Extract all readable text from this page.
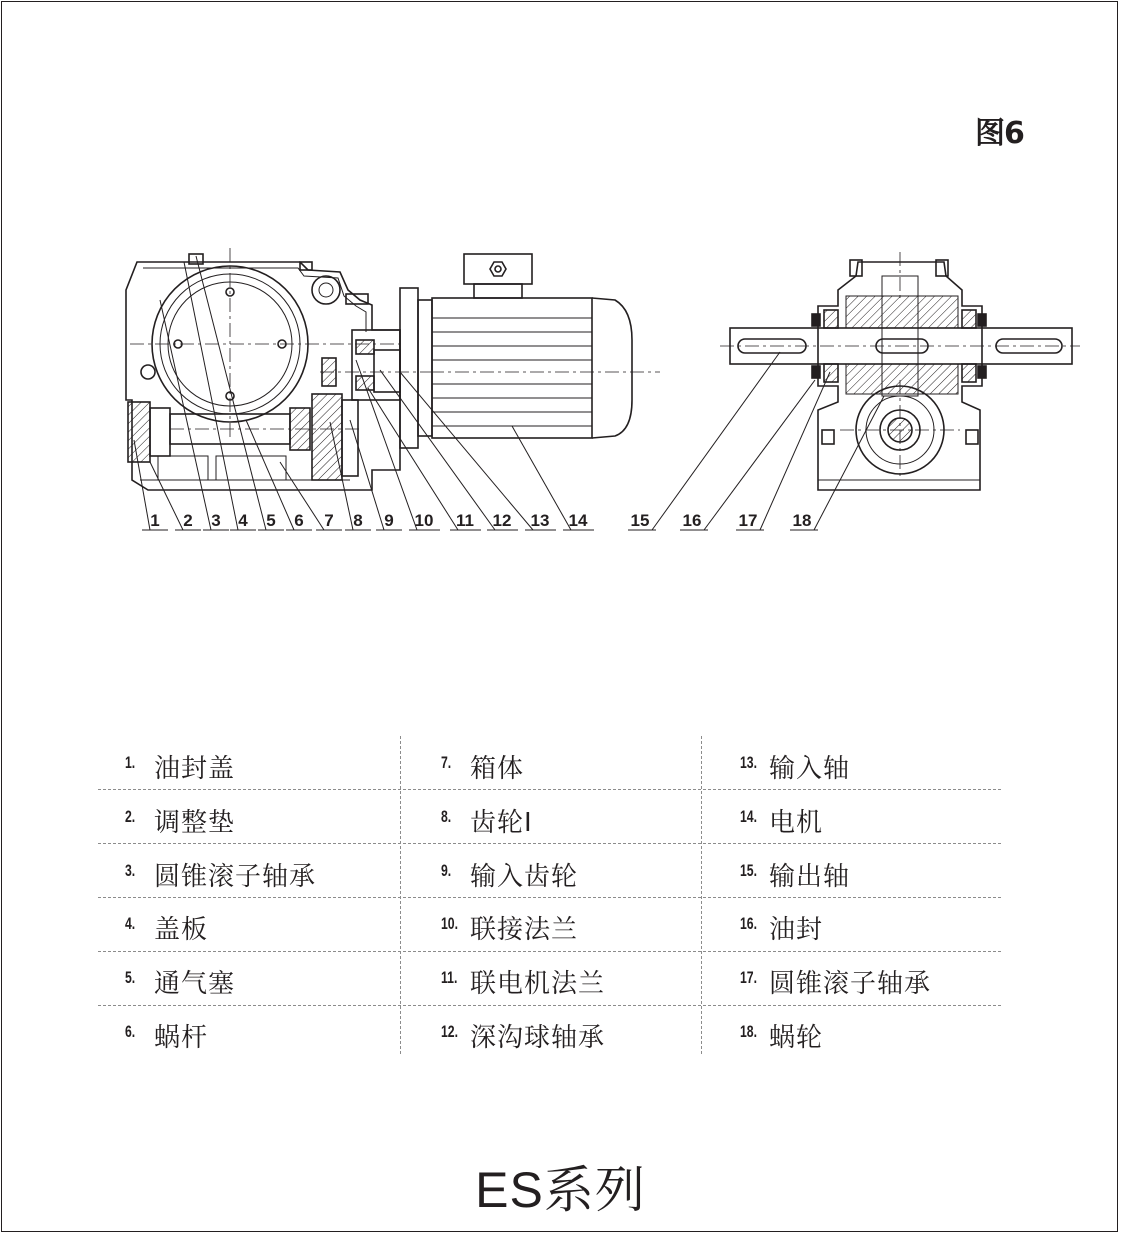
图6
1 2 3 4 5 6 7 8 9 10 11 12 13 14	15 16 17 18
1. 油封盖
2. 调整垫
3. 圆锥滚子轴承
4. 盖板
5. 通气塞
6. 蜗杆
7. 箱体
8. 齿轮I
9. 输入齿轮
10. 联接法兰
11. 联电机法兰
12. 深沟球轴承
13. 输入轴
14. 电机
15. 输出轴
16. 油封
17. 圆锥滚子轴承
18. 蜗轮
ES系列
